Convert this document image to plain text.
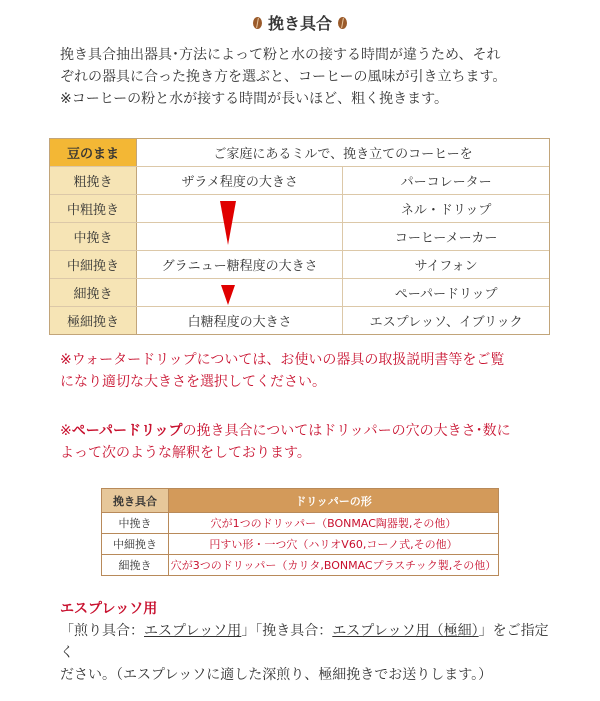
挽き具合
挽き具合抽出器具･方法によって粉と水の接する時間が違うため、それ
ぞれの器具に合った挽き方を選ぶと、コーヒーの風味が引き立ちます。
※コーヒーの粉と水が接する時間が長いほど、粗く挽きます。
豆のまま	ご家庭にあるミルで、挽き立てのコーヒーを	
粗挽き	ザラメ程度の大きさ	パーコレーター
中粗挽き		ネル・ドリップ
中挽き		コーヒーメーカー
中細挽き	グラニュー糖程度の大きさ	サイフォン
細挽き		ペーパードリップ
極細挽き	白糖程度の大きさ	エスプレッソ、イブリック
※ウォータードリップについては、お使いの器具の取扱説明書等をご覧
になり適切な大きさを選択してください。
※ペーパードリップの挽き具合についてはドリッパーの穴の大きさ･数に
よって次のような解釈をしております。
挽き具合	ドリッパーの形
中挽き	穴が1つのドリッパー（BONMAC陶器製,その他）
中細挽き	円すい形・一つ穴（ハリオV60,コーノ式,その他）
細挽き	穴が3つのドリッパー（カリタ,BONMACプラスチック製,その他）
エスプレッソ用
「煎り具合：エスプレッソ用」「挽き具合：エスプレッソ用（極細）」をご指定く
ださい。（エスプレッソに適した深煎り、極細挽きでお送りします。）
